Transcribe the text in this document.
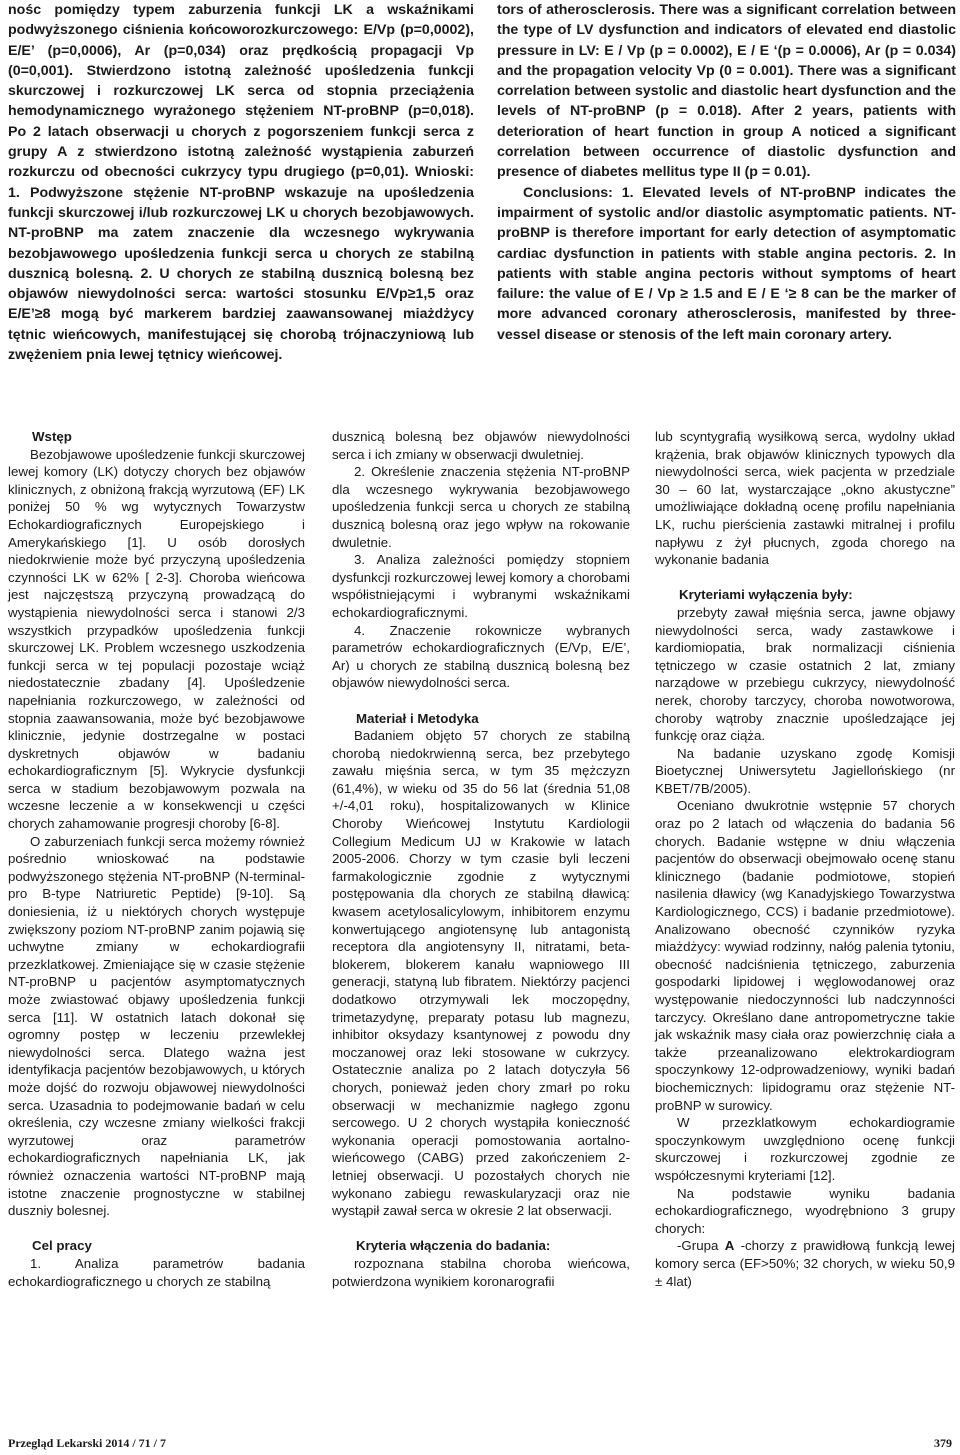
nośc pomiędzy typem zaburzenia funkcji LK a wskaźnikami podwyższonego ciśnienia końcoworozkurczowego: E/Vp (p=0,0002), E/E’ (p=0,0006), Ar (p=0,034) oraz prędkością propagacji Vp (0=0,001). Stwierdzono istotną zależność upośledzenia funkcji skurczowej i rozkurczowej LK serca od stopnia przeciążenia hemodynamicznego wyrażonego stężeniem NT-proBNP (p=0,018). Po 2 latach obserwacji u chorych z pogorszeniem funkcji serca z grupy A z stwierdzono istotną zależność wystąpienia zaburzeń rozkurczu od obecności cukrzycy typu drugiego (p=0,01). Wnioski: 1. Podwyższone stężenie NT-proBNP wskazuje na upośledzenia funkcji skurczowej i/lub rozkurczowej LK u chorych bezobjawowych. NT-proBNP ma zatem znaczenie dla wczesnego wykrywania bezobjawowego upośledzenia funkcji serca u chorych ze stabilną dusznicą bolesną. 2. U chorych ze stabilną dusznicą bolesną bez objawów niewydolności serca: wartości stosunku E/Vp≥1,5 oraz E/E’≥8 mogą być markerem bardziej zaawansowanej miażdżycy tętnic wieńcowych, manifestującej się chorobą trójnaczyniową lub zwężeniem pnia lewej tętnicy wieńcowej.

tors of atherosclerosis. There was a significant correlation between the type of LV dysfunction and indicators of elevated end diastolic pressure in LV: E / Vp (p = 0.0002), E / E ‘(p = 0.0006), Ar (p = 0.034) and the propagation velocity Vp (0 = 0.001). There was a significant correlation between systolic and diastolic heart dysfunction and the levels of NT-proBNP (p = 0.018). After 2 years, patients with deterioration of heart function in group A noticed a significant correlation between occurrence of diastolic dysfunction and presence of diabetes mellitus type II (p = 0.01).

Conclusions: 1. Elevated levels of NT-proBNP indicates the impairment of systolic and/or diastolic asymptomatic patients. NT-proBNP is therefore important for early detection of asymptomatic cardiac dysfunction in patients with stable angina pectoris. 2. In patients with stable angina pectoris without symptoms of heart failure: the value of E / Vp ≥ 1.5 and E / E ‘≥ 8 can be the marker of more advanced coronary atherosclerosis, manifested by three-vessel disease or stenosis of the left main coronary artery.

Wstęp

Bezobjawowe upośledzenie funkcji skurczowej lewej komory (LK) dotyczy chorych bez objawów klinicznych, z obniżoną frakcją wyrzutową (EF) LK poniżej 50 % wg wytycznych Towarzystw Echokardiograficznych Europejskiego i Amerykańskiego [1]. U osób dorosłych niedokrwienie może być przyczyną upośledzenia czynności LK w 62% [ 2-3]. Choroba wieńcowa jest najczęstszą przyczyną prowadzącą do wystąpienia niewydolności serca i stanowi 2/3 wszystkich przypadków upośledzenia funkcji skurczowej LK. Problem wczesnego uszkodzenia funkcji serca w tej populacji pozostaje wciąż niedostatecznie zbadany [4]. Upośledzenie napełniania rozkurczowego, w zależności od stopnia zaawansowania, może być bezobjawowe klinicznie, jedynie dostrzegalne w postaci dyskretnych objawów w badaniu echokardiograficznym [5]. Wykrycie dysfunkcji serca w stadium bezobjawowym pozwala na wczesne leczenie a w konsekwencji u części chorych zahamowanie progresji choroby [6-8].

O zaburzeniach funkcji serca możemy również pośrednio wnioskować na podstawie podwyższonego stężenia NT-proBNP (N-terminal-pro B-type Natriuretic Peptide) [9-10]. Są doniesienia, iż u niektórych chorych występuje zwiększony poziom NT-proBNP zanim pojawią się uchwytne zmiany w echokardiografii przezklatkowej. Zmieniające się w czasie stężenie NT-proBNP u pacjentów asymptomatycznych może zwiastować objawy upośledzenia funkcji serca [11]. W ostatnich latach dokonał się ogromny postęp w leczeniu przewlekłej niewydolności serca. Dlatego ważna jest identyfikacja pacjentów bezobjawowych, u których może dojść do rozwoju objawowej niewydolności serca. Uzasadnia to podejmowanie badań w celu określenia, czy wczesne zmiany wielkości frakcji wyrzutowej oraz parametrów echokardiograficznych napełniania LK, jak również oznaczenia wartości NT-proBNP mają istotne znaczenie prognostyczne w stabilnej duszniy bolesnej.

Cel pracy

1. Analiza parametrów badania echokardiograficznego u chorych ze stabilną

dusznicą bolesną bez objawów niewydolności serca i ich zmiany w obserwacji dwuletniej.

2. Określenie znaczenia stężenia NT-proBNP dla wczesnego wykrywania bezobjawowego upośledzenia funkcji serca u chorych ze stabilną dusznicą bolesną oraz jego wpływ na rokowanie dwuletnie.

3. Analiza zależności pomiędzy stopniem dysfunkcji rozkurczowej lewej komory a chorobami współistniejącymi i wybranymi wskaźnikami echokardiograficznymi.

4. Znaczenie rokownicze wybranych parametrów echokardiograficznych (E/Vp, E/E’, Ar) u chorych ze stabilną dusznicą bolesną bez objawów niewydolności serca.

Materiał i Metodyka

Badaniem objęto 57 chorych ze stabilną chorobą niedokrwienną serca, bez przebytego zawału mięśnia serca, w tym 35 mężczyzn (61,4%), w wieku od 35 do 56 lat (średnia 51,08 +/-4,01 roku), hospitalizowanych w Klinice Choroby Wieńcowej Instytutu Kardiologii Collegium Medicum UJ w Krakowie w latach 2005-2006. Chorzy w tym czasie byli leczeni farmakologicznie zgodnie z wytycznymi postępowania dla chorych ze stabilną dławicą: kwasem acetylosalicylowym, inhibitorem enzymu konwertującego angiotensynę lub antagonistą receptora dla angiotensyny II, nitratami, beta-blokerem, blokerem kanału wapniowego III generacji, statyną lub fibratem. Niektórzy pacjenci dodatkowo otrzymywali lek moczopędny, trimetazydynę, preparaty potasu lub magnezu, inhibitor oksydazy ksantynowej z powodu dny moczanowej oraz leki stosowane w cukrzycy. Ostatecznie analiza po 2 latach dotyczyła 56 chorych, ponieważ jeden chory zmarł po roku obserwacji w mechanizmie nagłego zgonu sercowego. U 2 chorych wystąpiła konieczność wykonania operacji pomostowania aortalno-wieńcowego (CABG) przed zakończeniem 2-letniej obserwacji. U pozostałych chorych nie wykonano zabiegu rewaskularyzacji oraz nie wystąpił zawał serca w okresie 2 lat obserwacji.

Kryteria włączenia do badania:

rozpoznana stabilna choroba wieńcowa, potwierdzona wynikiem koronarografii

lub scyntygrafią wysiłkową serca, wydolny układ krążenia, brak objawów klinicznych typowych dla niewydolności serca, wiek pacjenta w przedziale 30 – 60 lat, wystarczające „okno akustyczne” umożliwiające dokładną ocenę profilu napełniania LK, ruchu pierścienia zastawki mitralnej i profilu napływu z żył płucnych, zgoda chorego na wykonanie badania

Kryteriami wyłączenia były:

przebyty zawał mięśnia serca, jawne objawy niewydolności serca, wady zastawkowe i kardiomiopatia, brak normalizacji ciśnienia tętniczego w czasie ostatnich 2 lat, zmiany narządowe w przebiegu cukrzycy, niewydolność nerek, choroby tarczycy, choroba nowotworowa, choroby wątroby znacznie upośledzające jej funkcję oraz ciąża.

Na badanie uzyskano zgodę Komisji Bioetycznej Uniwersytetu Jagiellońskiego (nr KBET/7B/2005).

Oceniano dwukrotnie wstępnie 57 chorych oraz po 2 latach od włączenia do badania 56 chorych. Badanie wstępne w dniu włączenia pacjentów do obserwacji obejmowało ocenę stanu klinicznego (badanie podmiotowe, stopień nasilenia dławicy (wg Kanadyjskiego Towarzystwa Kardiologicznego, CCS) i badanie przedmiotowe). Analizowano obecność czynników ryzyka miażdżycy: wywiad rodzinny, nałóg palenia tytoniu, obecność nadciśnienia tętniczego, zaburzenia gospodarki lipidowej i węglowodanowej oraz występowanie niedoczynności lub nadczynności tarczycy. Określano dane antropometryczne takie jak wskaźnik masy ciała oraz powierzchnię ciała a także przeanalizowano elektrokardiogram spoczynkowy 12-odprowadzeniowy, wyniki badań biochemicznych: lipidogramu oraz stężenie NT-proBNP w surowicy.

W przezklatkowym echokardiogramie spoczynkowym uwzględniono ocenę funkcji skurczowej i rozkurczowej zgodnie ze współczesnymi kryteriami [12].

Na podstawie wyniku badania echokardiograficznego, wyodrębniono 3 grupy chorych:

-Grupa A -chorzy z prawidłową funkcją lewej komory serca (EF>50%; 32 chorych, w wieku 50,9 ± 4lat)

Przegląd Lekarski 2014 / 71 / 7	379
